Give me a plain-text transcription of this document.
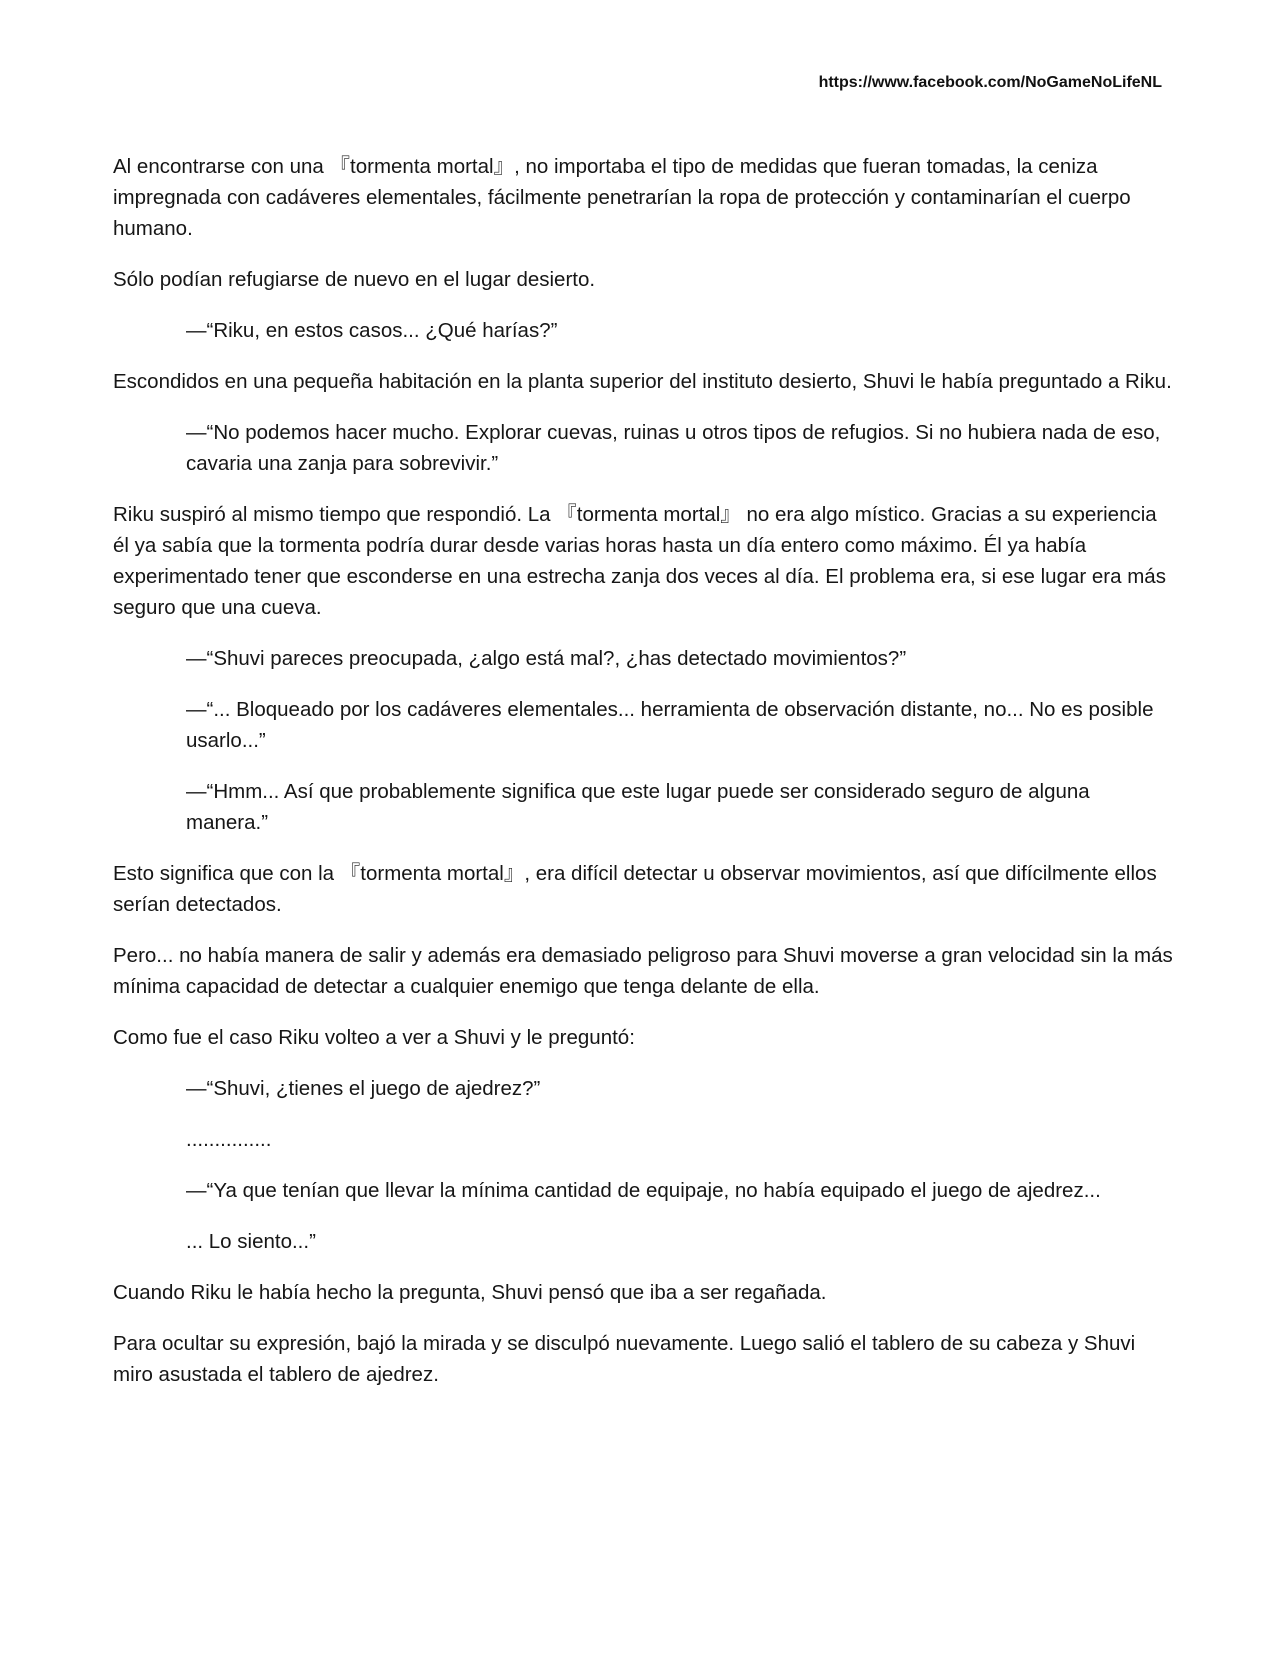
https://www.facebook.com/NoGameNoLifeNL

Al encontrarse con una 『tormenta mortal』, no importaba el tipo de medidas que fueran tomadas, la ceniza impregnada con cadáveres elementales, fácilmente penetrarían la ropa de protección y contaminarían el cuerpo humano.

Sólo podían refugiarse de nuevo en el lugar desierto.

—“Riku, en estos casos... ¿Qué harías?”

Escondidos en una pequeña habitación en la planta superior del instituto desierto, Shuvi le había preguntado a Riku.

—“No podemos hacer mucho. Explorar cuevas, ruinas u otros tipos de refugios. Si no hubiera nada de eso, cavaria una zanja para sobrevivir.”

Riku suspiró al mismo tiempo que respondió. La 『tormenta mortal』 no era algo místico. Gracias a su experiencia él ya sabía que la tormenta podría durar desde varias horas hasta un día entero como máximo. Él ya había experimentado tener que esconderse en una estrecha zanja dos veces al día. El problema era, si ese lugar era más seguro que una cueva.

—“Shuvi pareces preocupada, ¿algo está mal?, ¿has detectado movimientos?”

—“... Bloqueado por los cadáveres elementales... herramienta de observación distante, no... No es posible usarlo...”

—“Hmm... Así que probablemente significa que este lugar puede ser considerado seguro de alguna manera.”

Esto significa que con la 『tormenta mortal』, era difícil detectar u observar movimientos, así que difícilmente ellos serían detectados.

Pero... no había manera de salir y además era demasiado peligroso para Shuvi moverse a gran velocidad sin la más mínima capacidad de detectar a cualquier enemigo que tenga delante de ella.

Como fue el caso Riku volteo a ver a Shuvi y le preguntó:

—“Shuvi, ¿tienes el juego de ajedrez?”

...............

—“Ya que tenían que llevar la mínima cantidad de equipaje, no había equipado el juego de ajedrez...

... Lo siento...”

Cuando Riku le había hecho la pregunta, Shuvi pensó que iba a ser regañada.

Para ocultar su expresión, bajó la mirada y se disculpó nuevamente. Luego salió el tablero de su cabeza y Shuvi miro asustada el tablero de ajedrez.
